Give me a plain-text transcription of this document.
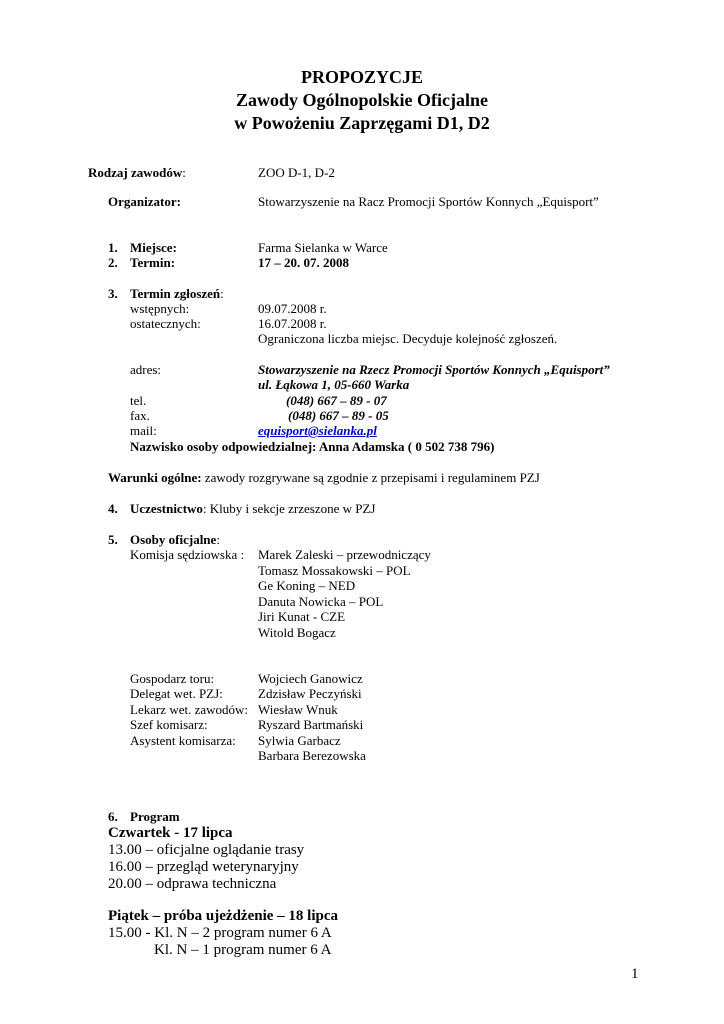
PROPOZYCJE
Zawody Ogólnopolskie Oficjalne
w Powożeniu Zaprzęgami D1, D2
Rodzaj zawodów:	ZOO D-1, D-2
Organizator:	Stowarzyszenie na Racz Promocji Sportów Konnych „Equisport”
1. Miejsce:	Farma Sielanka w Warce
2. Termin:	17 – 20. 07. 2008
3. Termin zgłoszeń:
wstępnych:	09.07.2008 r.
ostatecznych:	16.07.2008 r.
Ograniczona liczba miejsc. Decyduje kolejność zgłoszeń.
adres:	Stowarzyszenie na Rzecz Promocji Sportów Konnych „Equisport”
ul. Łąkowa 1, 05-660 Warka
tel.	(048) 667 – 89 - 07
fax.	(048) 667 – 89 - 05
mail:	equisport@sielanka.pl
Nazwisko osoby odpowiedzialnej: Anna Adamska ( 0 502 738 796)
Warunki ogólne: zawody rozgrywane są zgodnie z przepisami i regulaminem PZJ
4. Uczestnictwo: Kluby i sekcje zrzeszone w PZJ
5. Osoby oficjalne:
Komisja sędziowska : Marek Zaleski – przewodniczący
Tomasz Mossakowski – POL
Ge Koning – NED
Danuta Nowicka – POL
Jiri Kunat - CZE
Witold Bogacz
Gospodarz toru:	Wojciech Ganowicz
Delegat wet. PZJ:	Zdzisław Peczyński
Lekarz wet. zawodów: Wiesław Wnuk
Szef komisarz:	Ryszard Bartmański
Asystent komisarza: Sylwia Garbacz
Barbara Berezowska
6. Program
Czwartek - 17 lipca
13.00 – oficjalne oglądanie trasy
16.00 – przegląd weterynaryjny
20.00 – odprawa techniczna
Piątek – próba ujeżdżenie – 18 lipca
15.00 - Kl. N – 2 program numer 6 A
Kl. N – 1 program numer 6 A
1
